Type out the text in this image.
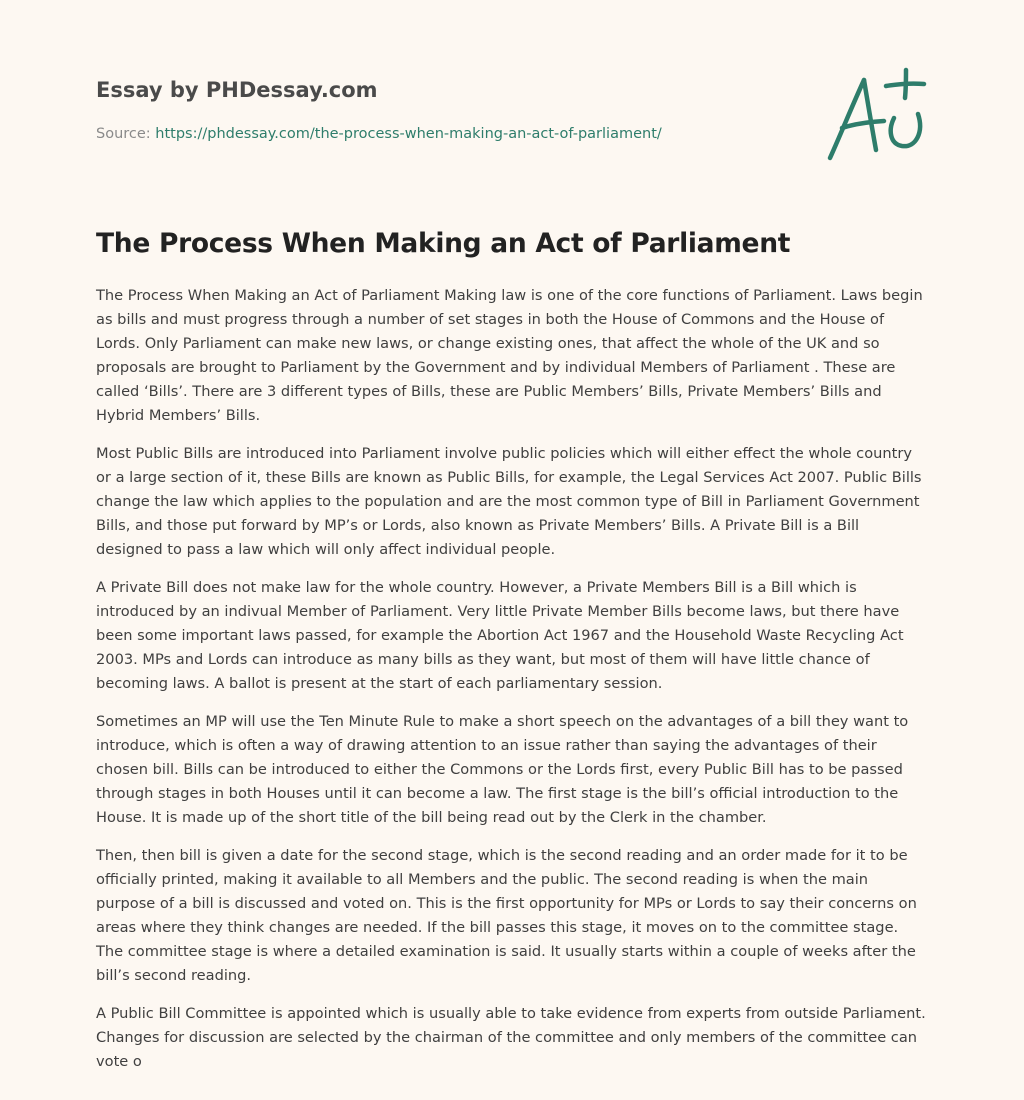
Essay by PHDessay.com
Source: https://phdessay.com/the-process-when-making-an-act-of-parliament/
The Process When Making an Act of Parliament

The Process When Making an Act of Parliament Making law is one of the core functions of Parliament. Laws begin as bills and must progress through a number of set stages in both the House of Commons and the House of Lords. Only Parliament can make new laws, or change existing ones, that affect the whole of the UK and so proposals are brought to Parliament by the Government and by individual Members of Parliament . These are called ‘Bills’. There are 3 different types of Bills, these are Public Members’ Bills, Private Members’ Bills and Hybrid Members’ Bills.

Most Public Bills are introduced into Parliament involve public policies which will either effect the whole country or a large section of it, these Bills are known as Public Bills, for example, the Legal Services Act 2007. Public Bills change the law which applies to the population and are the most common type of Bill in Parliament Government Bills, and those put forward by MP’s or Lords, also known as Private Members’ Bills. A Private Bill is a Bill designed to pass a law which will only affect individual people.

A Private Bill does not make law for the whole country. However, a Private Members Bill is a Bill which is introduced by an indivual Member of Parliament. Very little Private Member Bills become laws, but there have been some important laws passed, for example the Abortion Act 1967 and the Household Waste Recycling Act 2003. MPs and Lords can introduce as many bills as they want, but most of them will have little chance of becoming laws. A ballot is present at the start of each parliamentary session.

Sometimes an MP will use the Ten Minute Rule to make a short speech on the advantages of a bill they want to introduce, which is often a way of drawing attention to an issue rather than saying the advantages of their chosen bill. Bills can be introduced to either the Commons or the Lords first, every Public Bill has to be passed through stages in both Houses until it can become a law. The first stage is the bill’s official introduction to the House. It is made up of the short title of the bill being read out by the Clerk in the chamber.

Then, then bill is given a date for the second stage, which is the second reading and an order made for it to be officially printed, making it available to all Members and the public. The second reading is when the main purpose of a bill is discussed and voted on. This is the first opportunity for MPs or Lords to say their concerns on areas where they think changes are needed. If the bill passes this stage, it moves on to the committee stage. The committee stage is where a detailed examination is said. It usually starts within a couple of weeks after the bill’s second reading.

A Public Bill Committee is appointed which is usually able to take evidence from experts from outside Parliament. Changes for discussion are selected by the chairman of the committee and only members of the committee can vote o
